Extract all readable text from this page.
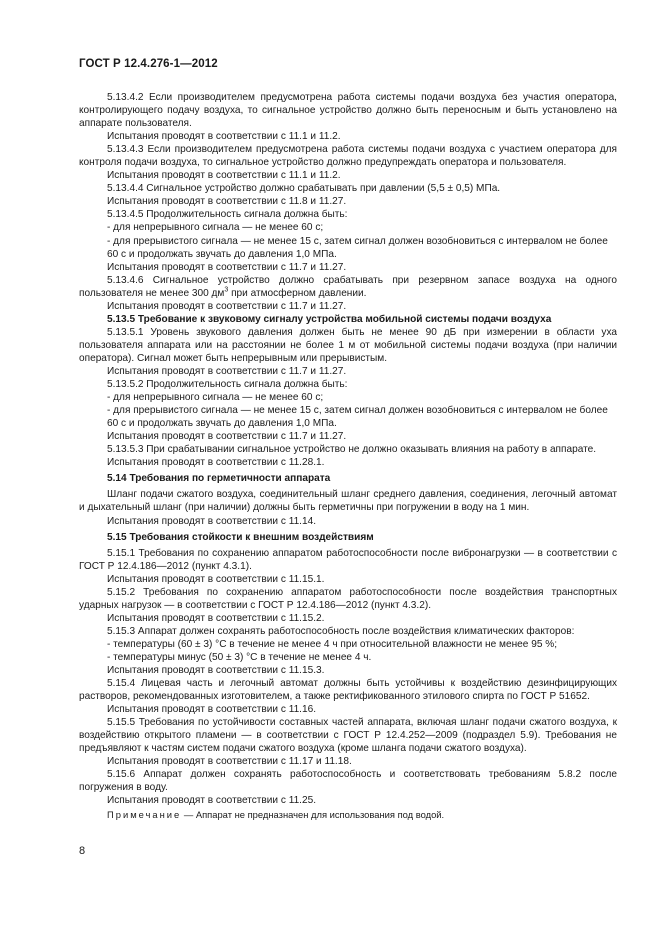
ГОСТ Р 12.4.276-1—2012

5.13.4.2 Если производителем предусмотрена работа системы подачи воздуха без участия оператора, контролирующего подачу воздуха, то сигнальное устройство должно быть переносным и быть установлено на аппарате пользователя.

Испытания проводят в соответствии с 11.1 и 11.2.

5.13.4.3 Если производителем предусмотрена работа системы подачи воздуха с участием оператора для контроля подачи воздуха, то сигнальное устройство должно предупреждать оператора и пользователя.

Испытания проводят в соответствии с 11.1 и 11.2.

5.13.4.4 Сигнальное устройство должно срабатывать при давлении (5,5 ± 0,5) МПа.

Испытания проводят в соответствии с 11.8 и 11.27.

5.13.4.5 Продолжительность сигнала должна быть:

- для непрерывного сигнала — не менее 60 с;

- для прерывистого сигнала — не менее 15 с, затем сигнал должен возобновиться с интервалом не более 60 с и продолжать звучать до давления 1,0 МПа.

Испытания проводят в соответствии с 11.7 и 11.27.

5.13.4.6 Сигнальное устройство должно срабатывать при резервном запасе воздуха на одного пользователя не менее 300 $дм^3$ при атмосферном давлении.

Испытания проводят в соответствии с 11.7 и 11.27.

5.13.5 Требование к звуковому сигналу устройства мобильной системы подачи воздуха

5.13.5.1 Уровень звукового давления должен быть не менее 90 дБ при измерении в области уха пользователя аппарата или на расстоянии не более 1 м от мобильной системы подачи воздуха (при наличии оператора). Сигнал может быть непрерывным или прерывистым.

Испытания проводят в соответствии с 11.7 и 11.27.

5.13.5.2 Продолжительность сигнала должна быть:

- для непрерывного сигнала — не менее 60 с;

- для прерывистого сигнала — не менее 15 с, затем сигнал должен возобновиться с интервалом не более 60 с и продолжать звучать до давления 1,0 МПа.

Испытания проводят в соответствии с 11.7 и 11.27.

5.13.5.3 При срабатывании сигнальное устройство не должно оказывать влияния на работу в аппарате.

Испытания проводят в соответствии с 11.28.1.

5.14 Требования по герметичности аппарата

Шланг подачи сжатого воздуха, соединительный шланг среднего давления, соединения, легочный автомат и дыхательный шланг (при наличии) должны быть герметичны при погружении в воду на 1 мин.

Испытания проводят в соответствии с 11.14.

5.15 Требования стойкости к внешним воздействиям

5.15.1 Требования по сохранению аппаратом работоспособности после вибронагрузки — в соответствии с ГОСТ Р 12.4.186—2012 (пункт 4.3.1).

Испытания проводят в соответствии с 11.15.1.

5.15.2 Требования по сохранению аппаратом работоспособности после воздействия транспортных ударных нагрузок — в соответствии с ГОСТ Р 12.4.186—2012 (пункт 4.3.2).

Испытания проводят в соответствии с 11.15.2.

5.15.3 Аппарат должен сохранять работоспособность после воздействия климатических факторов:

- температуры (60 ± 3) °С в течение не менее 4 ч при относительной влажности не менее 95 %;

- температуры минус (50 ± 3) °С в течение не менее 4 ч.

Испытания проводят в соответствии с 11.15.3.

5.15.4 Лицевая часть и легочный автомат должны быть устойчивы к воздействию дезинфицирующих растворов, рекомендованных изготовителем, а также ректификованного этилового спирта по ГОСТ Р 51652.

Испытания проводят в соответствии с 11.16.

5.15.5 Требования по устойчивости составных частей аппарата, включая шланг подачи сжатого воздуха, к воздействию открытого пламени — в соответствии с ГОСТ Р 12.4.252—2009 (подраздел 5.9). Требования не предъявляют к частям систем подачи сжатого воздуха (кроме шланга подачи сжатого воздуха).

Испытания проводят в соответствии с 11.17 и 11.18.

5.15.6 Аппарат должен сохранять работоспособность и соответствовать требованиям 5.8.2 после погружения в воду.

Испытания проводят в соответствии с 11.25.

Примечание — Аппарат не предназначен для использования под водой.

8
